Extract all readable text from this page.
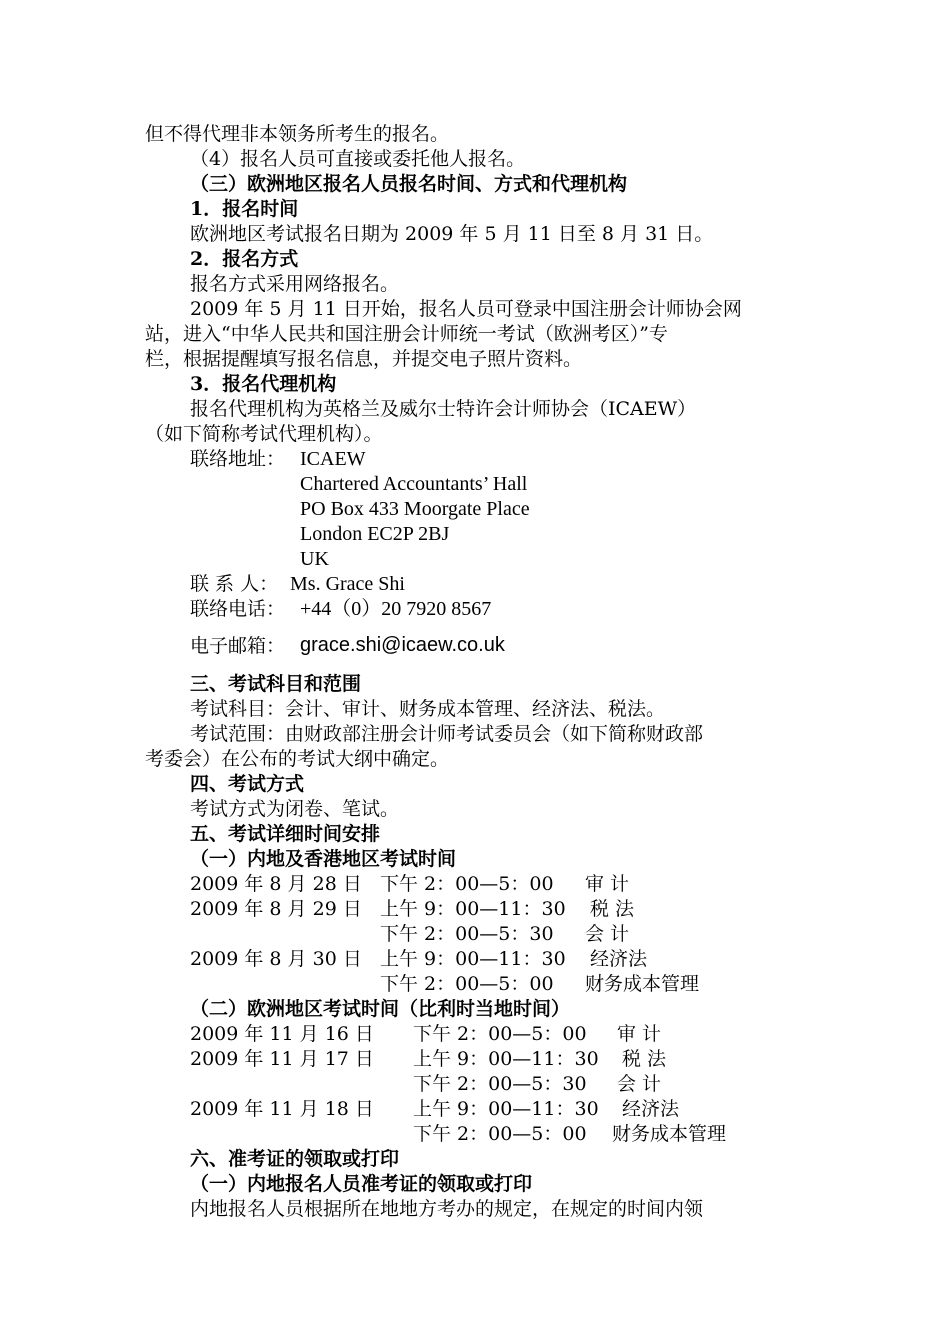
但不得代理非本领务所考生的报名。
（4）报名人员可直接或委托他人报名。
（三）欧洲地区报名人员报名时间、方式和代理机构
1．报名时间
欧洲地区考试报名日期为 2009 年 5 月 11 日至 8 月 31 日。
2．报名方式
报名方式采用网络报名。
2009 年 5 月 11 日开始，报名人员可登录中国注册会计师协会网
站，进入“中华人民共和国注册会计师统一考试（欧洲考区）”专
栏，根据提醒填写报名信息，并提交电子照片资料。
3．报名代理机构
报名代理机构为英格兰及威尔士特许会计师协会（ICAEW）
（如下简称考试代理机构）。
联络地址： ICAEW
Chartered Accountants’ Hall
PO Box 433 Moorgate Place
London EC2P 2BJ
UK
联 系 人： Ms. Grace Shi
联络电话： +44（0）20 7920 8567
电子邮箱： grace.shi@icaew.co.uk
三、考试科目和范围
考试科目：会计、审计、财务成本管理、经济法、税法。
考试范围：由财政部注册会计师考试委员会（如下简称财政部
考委会）在公布的考试大纲中确定。
四、考试方式
考试方式为闭卷、笔试。
五、考试详细时间安排
（一）内地及香港地区考试时间
2009 年 8 月 28 日 下午 2：00—5：00 审 计
2009 年 8 月 29 日 上午 9：00—11：30 税 法
下午 2：00—5：30 会 计
2009 年 8 月 30 日 上午 9：00—11：30 经济法
下午 2：00—5：00 财务成本管理
（二）欧洲地区考试时间（比利时当地时间）
2009 年 11 月 16 日 下午 2：00—5：00 审 计
2009 年 11 月 17 日 上午 9：00—11：30 税 法
下午 2：00—5：30 会 计
2009 年 11 月 18 日 上午 9：00—11：30 经济法
下午 2：00—5：00 财务成本管理
六、准考证的领取或打印
（一）内地报名人员准考证的领取或打印
内地报名人员根据所在地地方考办的规定，在规定的时间内领
